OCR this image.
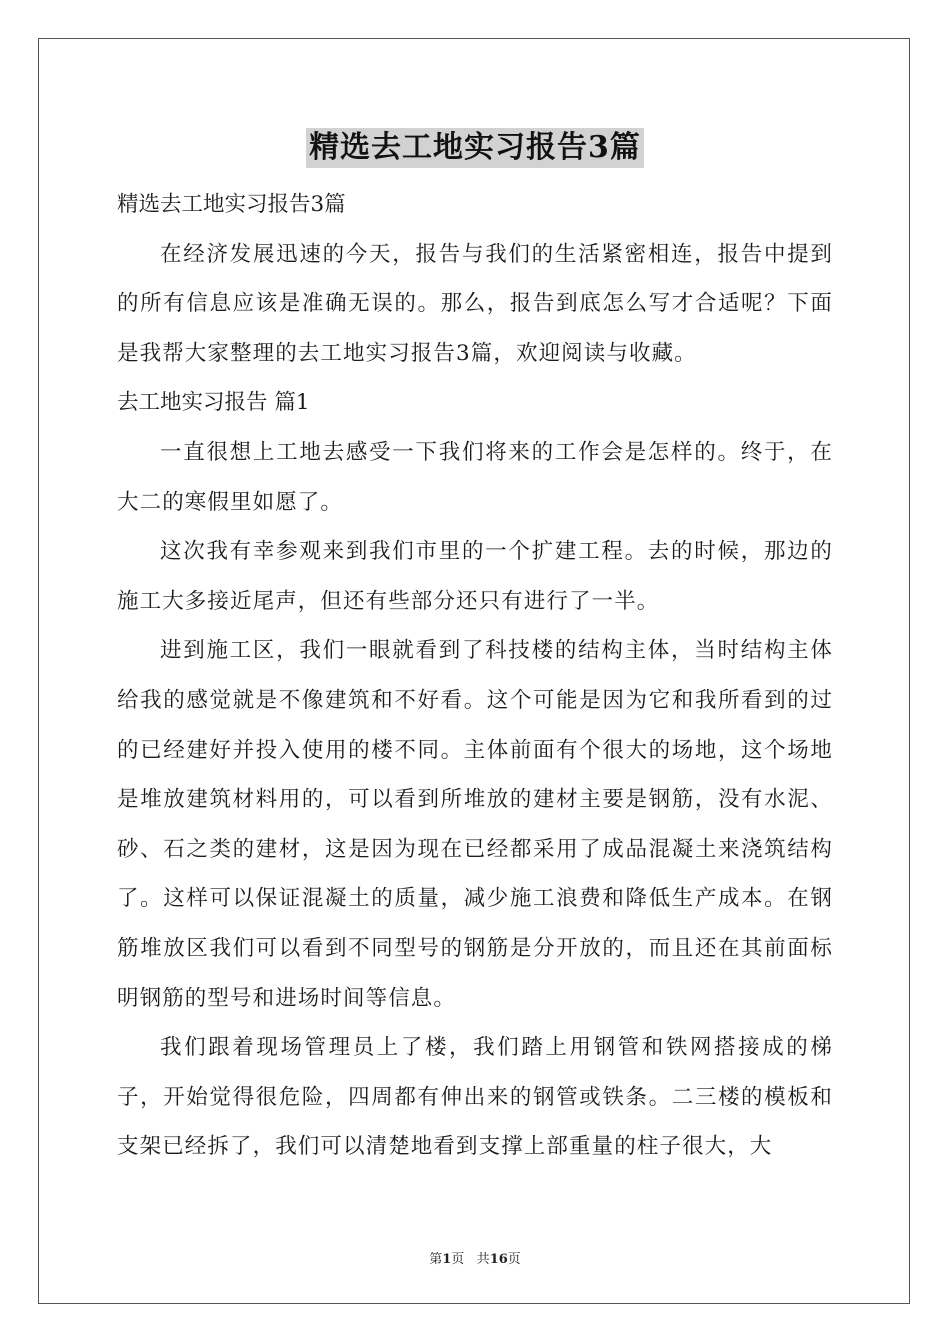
精选去工地实习报告3篇

精选去工地实习报告3篇

在经济发展迅速的今天，报告与我们的生活紧密相连，报告中提到的所有信息应该是准确无误的。那么，报告到底怎么写才合适呢？下面是我帮大家整理的去工地实习报告3篇，欢迎阅读与收藏。

去工地实习报告 篇1

一直很想上工地去感受一下我们将来的工作会是怎样的。终于，在大二的寒假里如愿了。

这次我有幸参观来到我们市里的一个扩建工程。去的时候，那边的施工大多接近尾声，但还有些部分还只有进行了一半。

进到施工区，我们一眼就看到了科技楼的结构主体，当时结构主体给我的感觉就是不像建筑和不好看。这个可能是因为它和我所看到的过的已经建好并投入使用的楼不同。主体前面有个很大的场地，这个场地是堆放建筑材料用的，可以看到所堆放的建材主要是钢筋，没有水泥、砂、石之类的建材，这是因为现在已经都采用了成品混凝土来浇筑结构了。这样可以保证混凝土的质量，减少施工浪费和降低生产成本。在钢筋堆放区我们可以看到不同型号的钢筋是分开放的，而且还在其前面标明钢筋的型号和进场时间等信息。

我们跟着现场管理员上了楼，我们踏上用钢管和铁网搭接成的梯子，开始觉得很危险，四周都有伸出来的钢管或铁条。二三楼的模板和支架已经拆了，我们可以清楚地看到支撑上部重量的柱子很大，大

第1页 共16页
